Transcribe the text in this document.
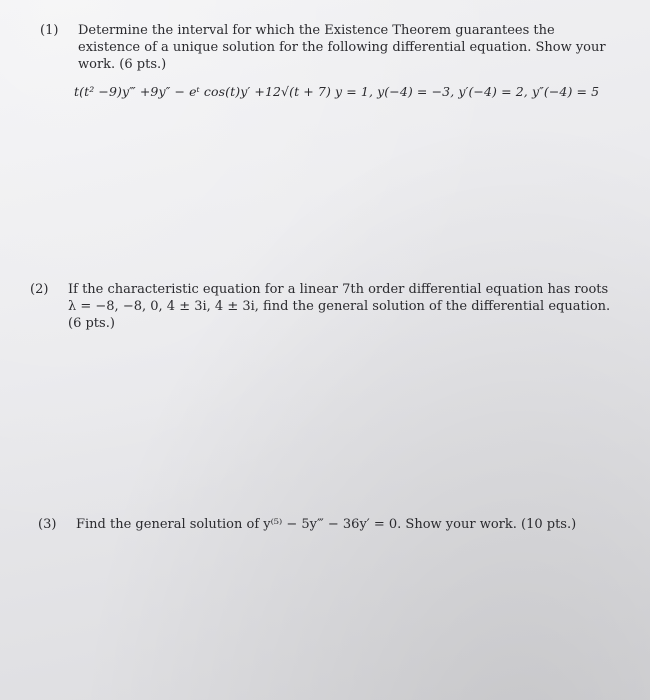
(1)	Determine the interval for which the Existence Theorem guarantees the existence of a unique solution for the following differential equation. Show your work. (6 pts.)
t(t² −9)y‴ +9y″ − eᵗ cos(t)y′ +12√(t + 7) y = 1, y(−4) = −3, y′(−4) = 2, y″(−4) = 5
(2)	If the characteristic equation for a linear 7th order differential equation has roots λ = −8, −8, 0, 4 ± 3i, 4 ± 3i, find the general solution of the differential equation. (6 pts.)
(3)	Find the general solution of y⁽⁵⁾ − 5y‴ − 36y′ = 0. Show your work. (10 pts.)
